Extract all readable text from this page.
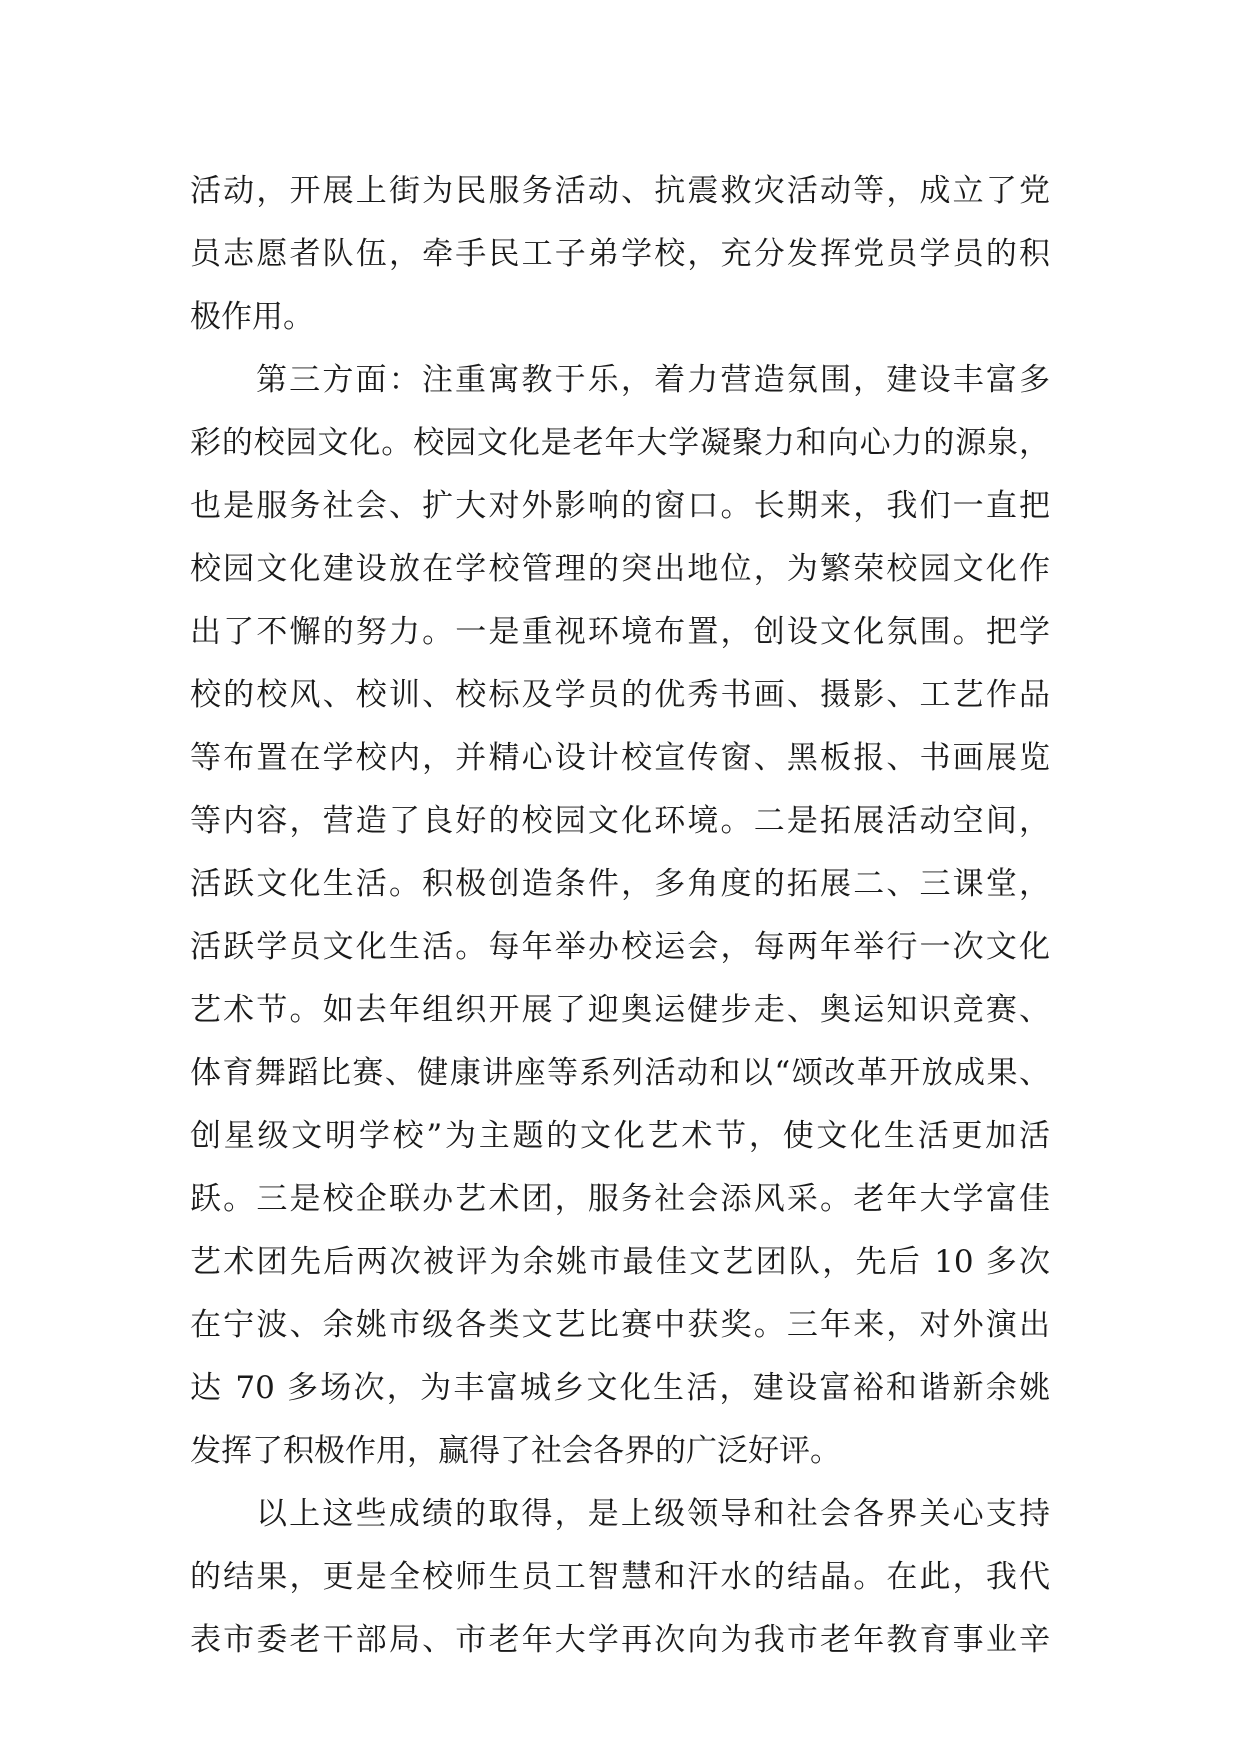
活动，开展上街为民服务活动、抗震救灾活动等，成立了党
员志愿者队伍，牵手民工子弟学校，充分发挥党员学员的积
极作用。
第三方面：注重寓教于乐，着力营造氛围，建设丰富多
彩的校园文化。校园文化是老年大学凝聚力和向心力的源泉，
也是服务社会、扩大对外影响的窗口。长期来，我们一直把
校园文化建设放在学校管理的突出地位，为繁荣校园文化作
出了不懈的努力。一是重视环境布置，创设文化氛围。把学
校的校风、校训、校标及学员的优秀书画、摄影、工艺作品
等布置在学校内，并精心设计校宣传窗、黑板报、书画展览
等内容，营造了良好的校园文化环境。二是拓展活动空间，
活跃文化生活。积极创造条件，多角度的拓展二、三课堂，
活跃学员文化生活。每年举办校运会，每两年举行一次文化
艺术节。如去年组织开展了迎奥运健步走、奥运知识竞赛、
体育舞蹈比赛、健康讲座等系列活动和以“颂改革开放成果、
创星级文明学校”为主题的文化艺术节，使文化生活更加活
跃。三是校企联办艺术团，服务社会添风采。老年大学富佳
艺术团先后两次被评为余姚市最佳文艺团队，先后 10 多次
在宁波、余姚市级各类文艺比赛中获奖。三年来，对外演出
达 70 多场次，为丰富城乡文化生活，建设富裕和谐新余姚
发挥了积极作用，赢得了社会各界的广泛好评。
以上这些成绩的取得，是上级领导和社会各界关心支持
的结果，更是全校师生员工智慧和汗水的结晶。在此，我代
表市委老干部局、市老年大学再次向为我市老年教育事业辛
